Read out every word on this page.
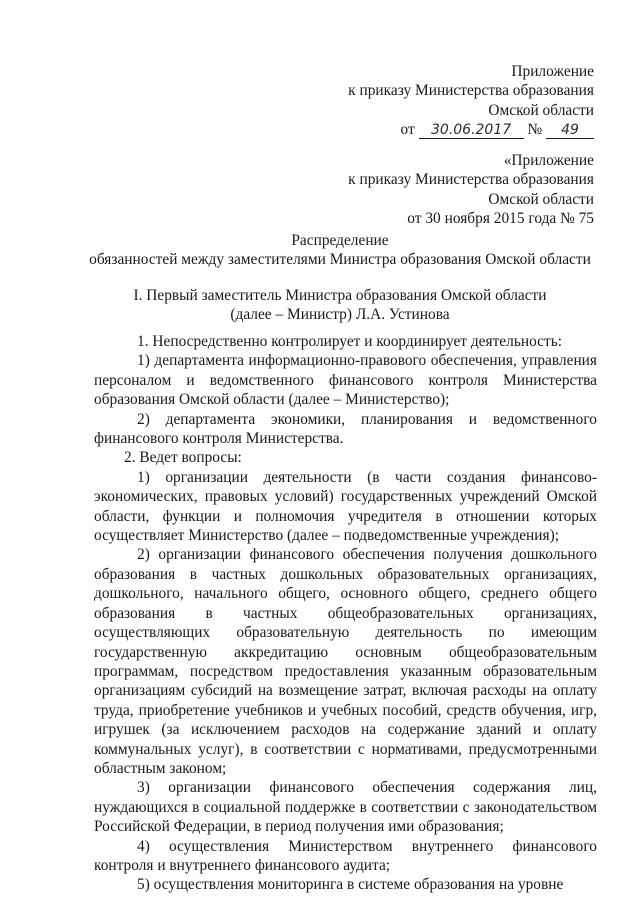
Приложение
к приказу Министерства образования
Омской области
от 30.06.2017 № 49
«Приложение
к приказу Министерства образования
Омской области
от 30 ноября 2015 года № 75
Распределение
обязанностей между заместителями Министра образования Омской области
I. Первый заместитель Министра образования Омской области
(далее – Министр) Л.А. Устинова

1. Непосредственно контролирует и координирует деятельность:

1) департамента информационно-правового обеспечения, управления персоналом и ведомственного финансового контроля Министерства образования Омской области (далее – Министерство);

2) департамента экономики, планирования и ведомственного финансового контроля Министерства.

2. Ведет вопросы:

1) организации деятельности (в части создания финансово-экономических, правовых условий) государственных учреждений Омской области, функции и полномочия учредителя в отношении которых осуществляет Министерство (далее – подведомственные учреждения);

2) организации финансового обеспечения получения дошкольного образования в частных дошкольных образовательных организациях, дошкольного, начального общего, основного общего, среднего общего образования в частных общеобразовательных организациях, осуществляющих образовательную деятельность по имеющим государственную аккредитацию основным общеобразовательным программам, посредством предоставления указанным образовательным организациям субсидий на возмещение затрат, включая расходы на оплату труда, приобретение учебников и учебных пособий, средств обучения, игр, игрушек (за исключением расходов на содержание зданий и оплату коммунальных услуг), в соответствии с нормативами, предусмотренными областным законом;

3) организации финансового обеспечения содержания лиц, нуждающихся в социальной поддержке в соответствии с законодательством Российской Федерации, в период получения ими образования;

4) осуществления Министерством внутреннего финансового контроля и внутреннего финансового аудита;

5) осуществления мониторинга в системе образования на уровне
